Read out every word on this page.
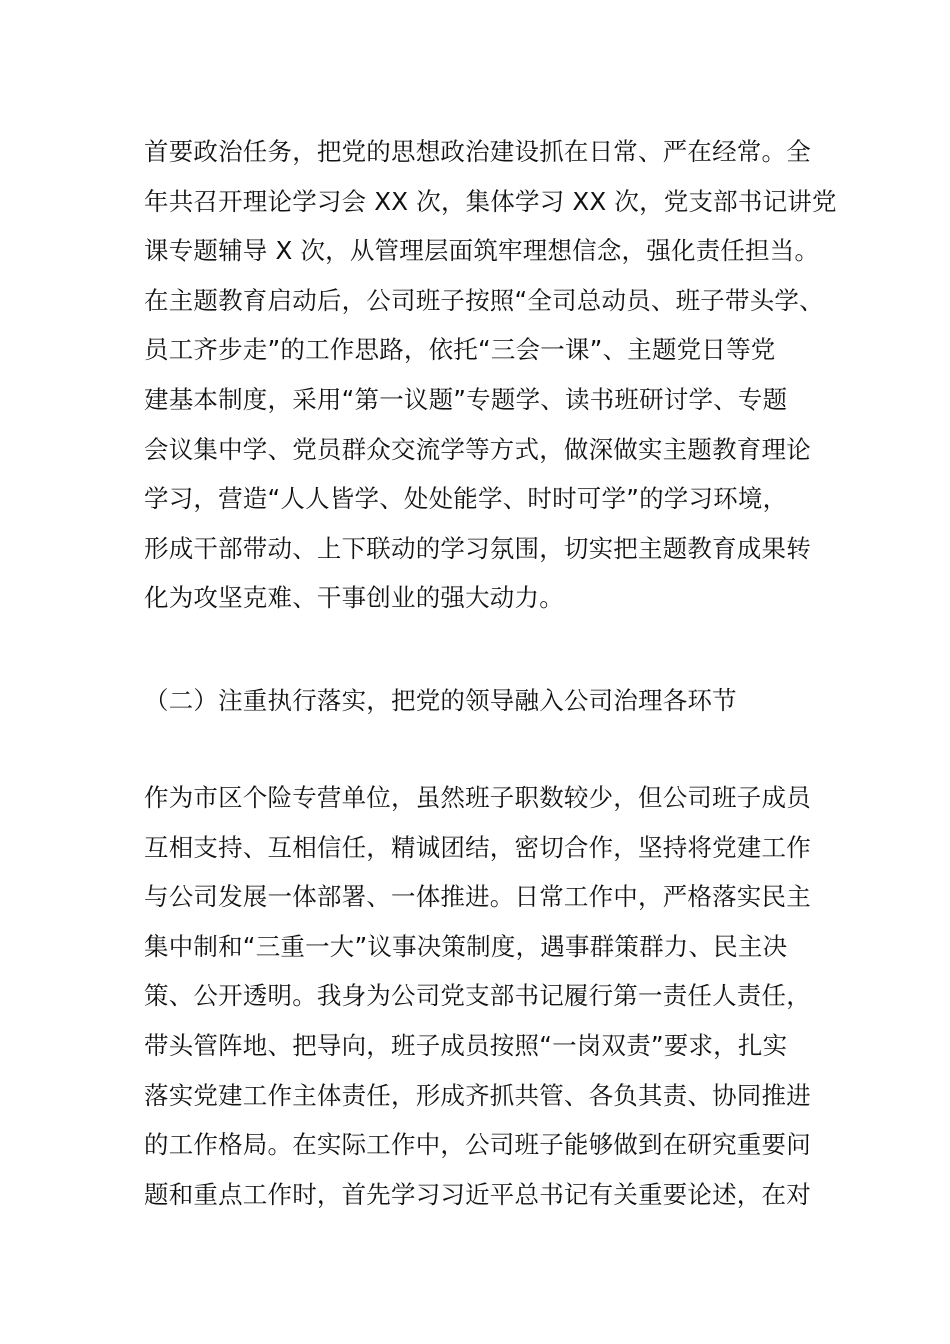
首要政治任务，把党的思想政治建设抓在日常、严在经常。全
年共召开理论学习会 XX 次，集体学习 XX 次，党支部书记讲党
课专题辅导 X 次，从管理层面筑牢理想信念，强化责任担当。
在主题教育启动后，公司班子按照“全司总动员、班子带头学、
员工齐步走”的工作思路，依托“三会一课”、主题党日等党
建基本制度，采用“第一议题”专题学、读书班研讨学、专题
会议集中学、党员群众交流学等方式，做深做实主题教育理论
学习，营造“人人皆学、处处能学、时时可学”的学习环境，
形成干部带动、上下联动的学习氛围，切实把主题教育成果转
化为攻坚克难、干事创业的强大动力。
（二）注重执行落实，把党的领导融入公司治理各环节
作为市区个险专营单位，虽然班子职数较少，但公司班子成员
互相支持、互相信任，精诚团结，密切合作，坚持将党建工作
与公司发展一体部署、一体推进。日常工作中，严格落实民主
集中制和“三重一大”议事决策制度，遇事群策群力、民主决
策、公开透明。我身为公司党支部书记履行第一责任人责任，
带头管阵地、把导向，班子成员按照“一岗双责”要求，扎实
落实党建工作主体责任，形成齐抓共管、各负其责、协同推进
的工作格局。在实际工作中，公司班子能够做到在研究重要问
题和重点工作时，首先学习习近平总书记有关重要论述，在对
